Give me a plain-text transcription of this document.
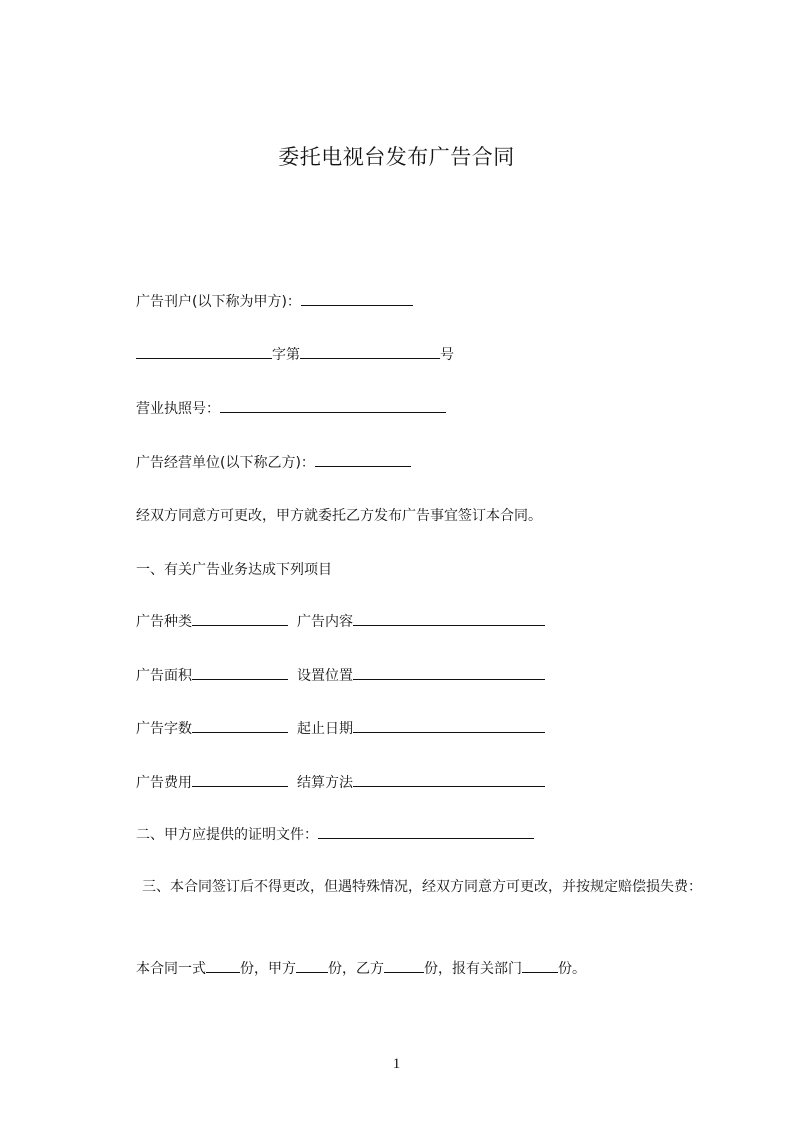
委托电视台发布广告合同
广告刊户(以下称为甲方)：
字第	号
营业执照号：
广告经营单位(以下称乙方)：
经双方同意方可更改，甲方就委托乙方发布广告事宜签订本合同。
一、有关广告业务达成下列项目
广告种类	广告内容
广告面积	设置位置
广告字数	起止日期
广告费用	结算方法
二、甲方应提供的证明文件：
三、本合同签订后不得更改，但遇特殊情况，经双方同意方可更改，并按规定赔偿损失费：
本合同一式 份，甲方 份，乙方	份，报有关部门	份。
1
